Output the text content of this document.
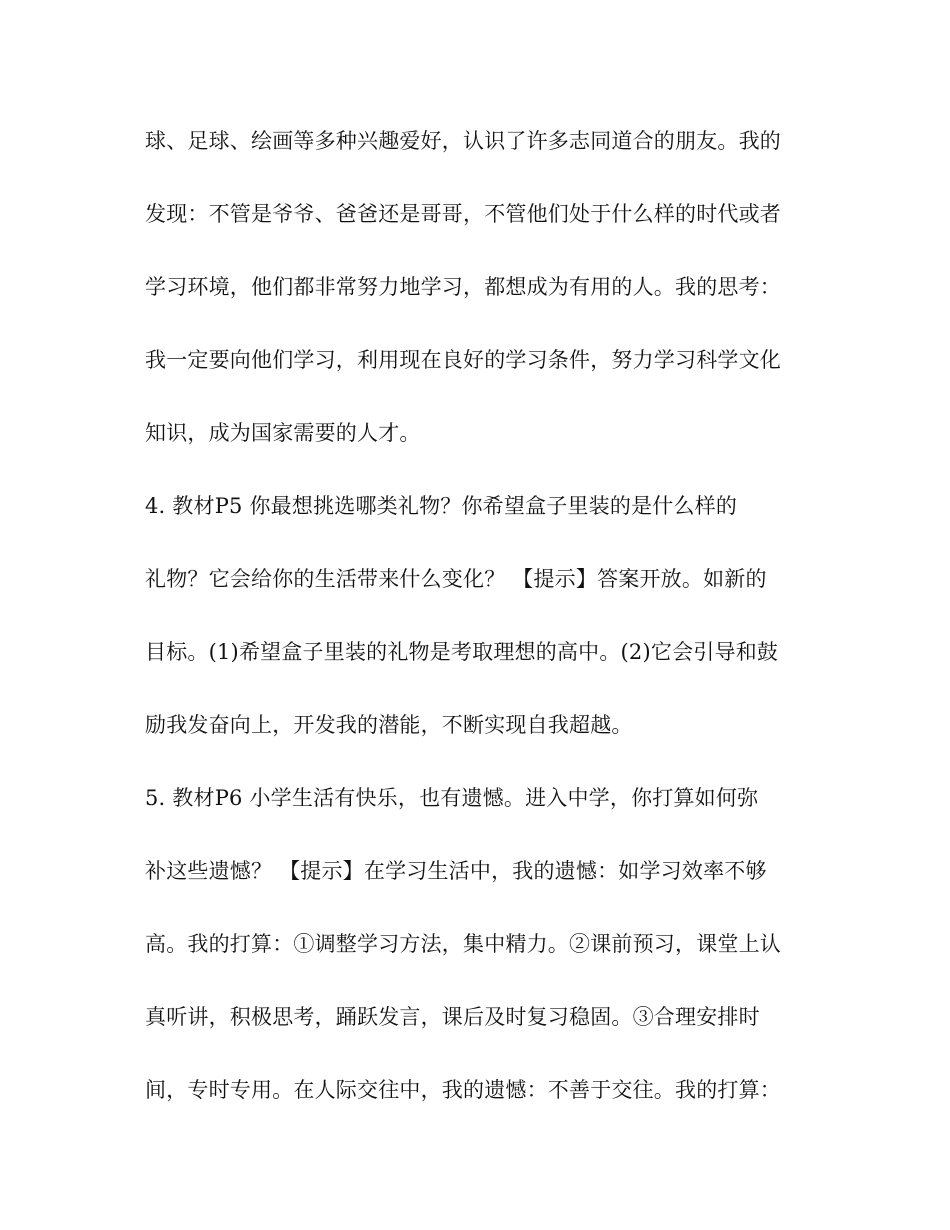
球、足球、绘画等多种兴趣爱好，认识了许多志同道合的朋友。我的
发现：不管是爷爷、爸爸还是哥哥，不管他们处于什么样的时代或者
学习环境，他们都非常努力地学习，都想成为有用的人。我的思考：
我一定要向他们学习，利用现在良好的学习条件，努力学习科学文化
知识，成为国家需要的人才。
4. 教材P5 你最想挑选哪类礼物？你希望盒子里装的是什么样的
礼物？它会给你的生活带来什么变化？ 【提示】答案开放。如新的
目标。(1)希望盒子里装的礼物是考取理想的高中。(2)它会引导和鼓
励我发奋向上，开发我的潜能，不断实现自我超越。
5. 教材P6 小学生活有快乐，也有遗憾。进入中学，你打算如何弥
补这些遗憾？ 【提示】在学习生活中，我的遗憾：如学习效率不够
高。我的打算：①调整学习方法，集中精力。②课前预习，课堂上认
真听讲，积极思考，踊跃发言，课后及时复习稳固。③合理安排时
间，专时专用。在人际交往中，我的遗憾：不善于交往。我的打算：
